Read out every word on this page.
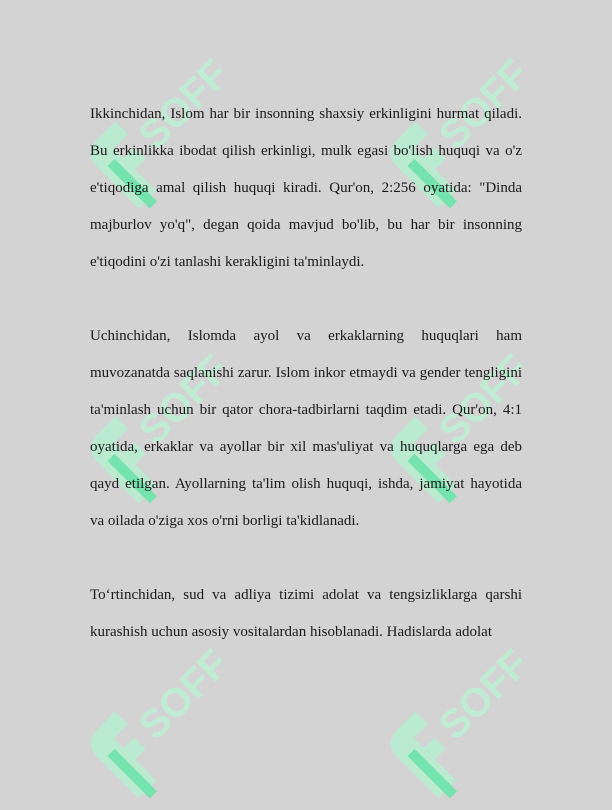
SOFF	SOFF
SOFF	SOFF
SOFF	SOFF

Ikkinchidan, Islom har bir insonning shaxsiy erkinligini hurmat qiladi. Bu erkinlikka ibodat qilish erkinligi, mulk egasi bo'lish huquqi va o'z e'tiqodiga amal qilish huquqi kiradi. Qur'on, 2:256 oyatida: "Dinda majburlov yo'q", degan qoida mavjud bo'lib, bu har bir insonning e'tiqodini o'zi tanlashi kerakligini ta'minlaydi.

Uchinchidan, Islomda ayol va erkaklarning huquqlari ham muvozanatda saqlanishi zarur. Islom inkor etmaydi va gender tengligini ta'minlash uchun bir qator chora-tadbirlarni taqdim etadi. Qur'on, 4:1 oyatida, erkaklar va ayollar bir xil mas'uliyat va huquqlarga ega deb qayd etilgan. Ayollarning ta'lim olish huquqi, ishda, jamiyat hayotida va oilada o'ziga xos o'rni borligi ta'kidlanadi.

To‘rtinchidan, sud va adliya tizimi adolat va tengsizliklarga qarshi kurashish uchun asosiy vositalardan hisoblanadi. Hadislarda adolat
